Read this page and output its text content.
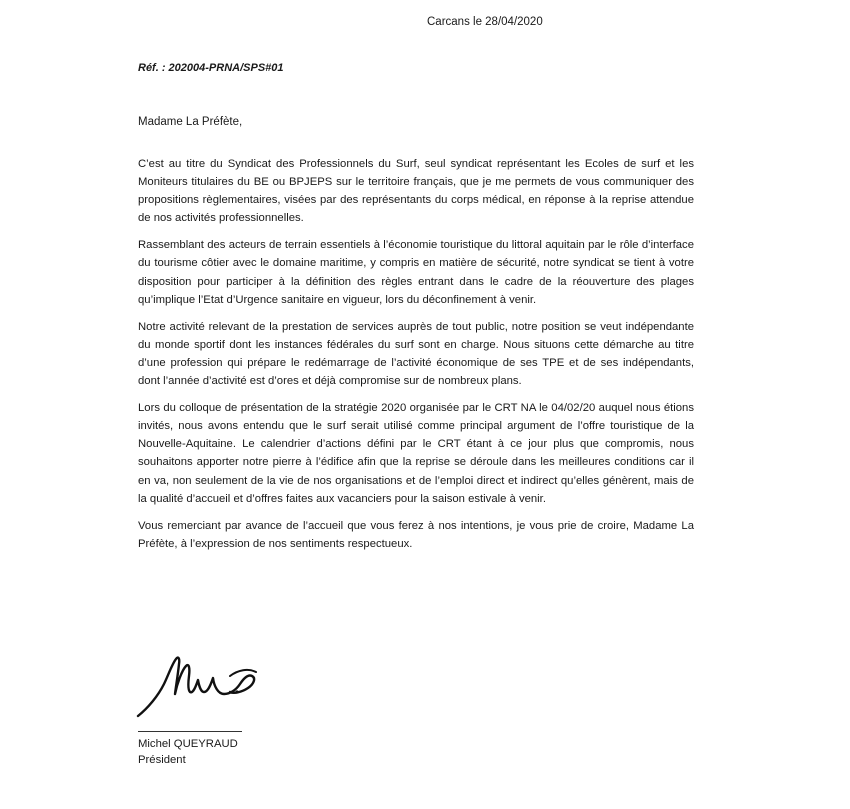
Carcans le 28/04/2020
Réf. : 202004-PRNA/SPS#01
Madame La Préfète,

C’est au titre du Syndicat des Professionnels du Surf, seul syndicat représentant les Ecoles de surf et les Moniteurs titulaires du BE ou BPJEPS sur le territoire français, que je me permets de vous communiquer des propositions règlementaires, visées par des représentants du corps médical, en réponse à la reprise attendue de nos activités professionnelles.

Rassemblant des acteurs de terrain essentiels à l’économie touristique du littoral aquitain par le rôle d’interface du tourisme côtier avec le domaine maritime, y compris en matière de sécurité, notre syndicat se tient à votre disposition pour participer à la définition des règles entrant dans le cadre de la réouverture des plages qu’implique l’Etat d’Urgence sanitaire en vigueur, lors du déconfinement à venir.

Notre activité relevant de la prestation de services auprès de tout public, notre position se veut indépendante du monde sportif dont les instances fédérales du surf sont en charge. Nous situons cette démarche au titre d’une profession qui prépare le redémarrage de l’activité économique de ses TPE et de ses indépendants, dont l’année d’activité est d’ores et déjà compromise sur de nombreux plans.

Lors du colloque de présentation de la stratégie 2020 organisée par le CRT NA le 04/02/20 auquel nous étions invités, nous avons entendu que le surf serait utilisé comme principal argument de l’offre touristique de la Nouvelle-Aquitaine. Le calendrier d’actions défini par le CRT étant à ce jour plus que compromis, nous souhaitons apporter notre pierre à l’édifice afin que la reprise se déroule dans les meilleures conditions car il en va, non seulement de la vie de nos organisations et de l’emploi direct et indirect qu’elles génèrent, mais de la qualité d’accueil et d’offres faites aux vacanciers pour la saison estivale à venir.

Vous remerciant par avance de l’accueil que vous ferez à nos intentions, je vous prie de croire, Madame La Préfète, à l’expression de nos sentiments respectueux.

Michel QUEYRAUD
Président
